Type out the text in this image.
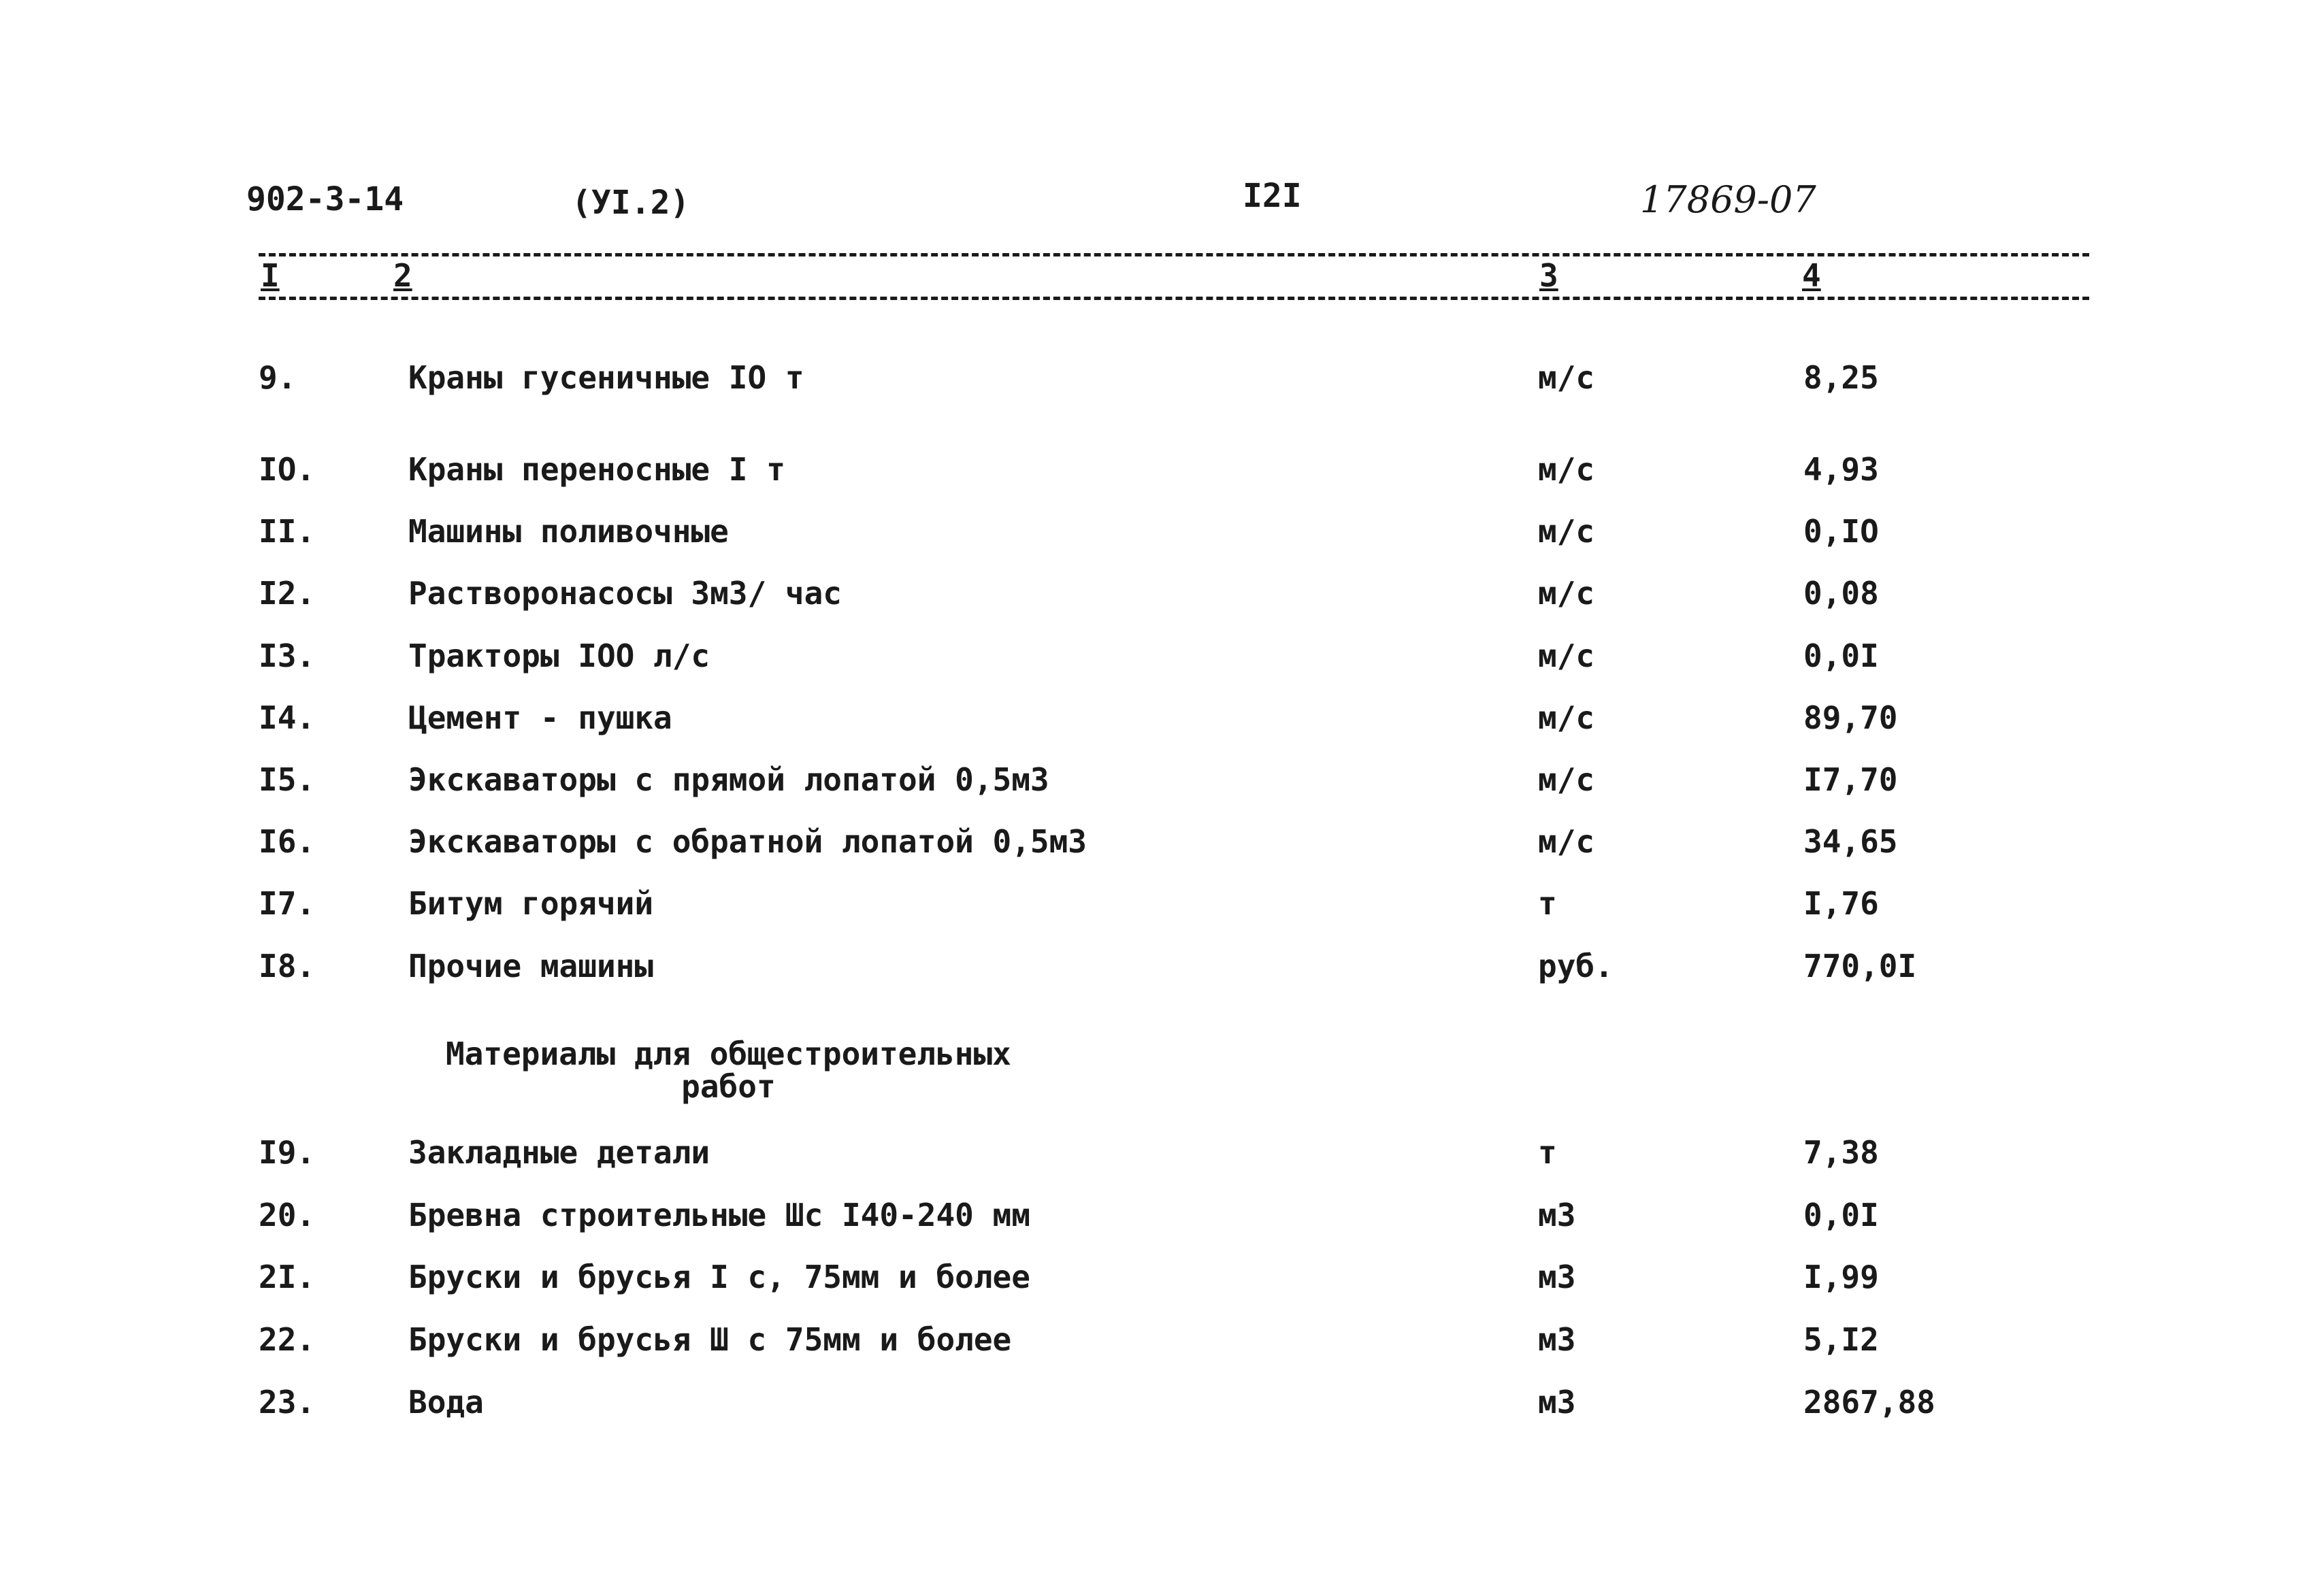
902-3-14	(УI.2)	I2I	17869-07
I	2	3	4
9.	Краны гусеничные IO т	м/с	8,25
IO.	Краны переносные I т	м/с	4,93
II.	Машины поливочные	м/с	0,IO
I2.	Растворонасосы 3м3/ час	м/с	0,08
I3.	Тракторы IOO л/с	м/с	0,0I
I4.	Цемент - пушка	м/с	89,70
I5.	Экскаваторы с прямой лопатой 0,5м3	м/с	I7,70
I6.	Экскаваторы с обратной лопатой 0,5м3	м/с	34,65
I7.	Битум горячий	т	I,76
I8.	Прочие машины	руб.	770,0I
Материалы для общестроительных
работ
I9.	Закладные детали	т	7,38
20.	Бревна строительные Шс I40-240 мм	м3	0,0I
2I.	Бруски и брусья I с, 75мм и более	м3	I,99
22.	Бруски и брусья Ш с 75мм и более	м3	5,I2
23.	Вода	м3	2867,88
